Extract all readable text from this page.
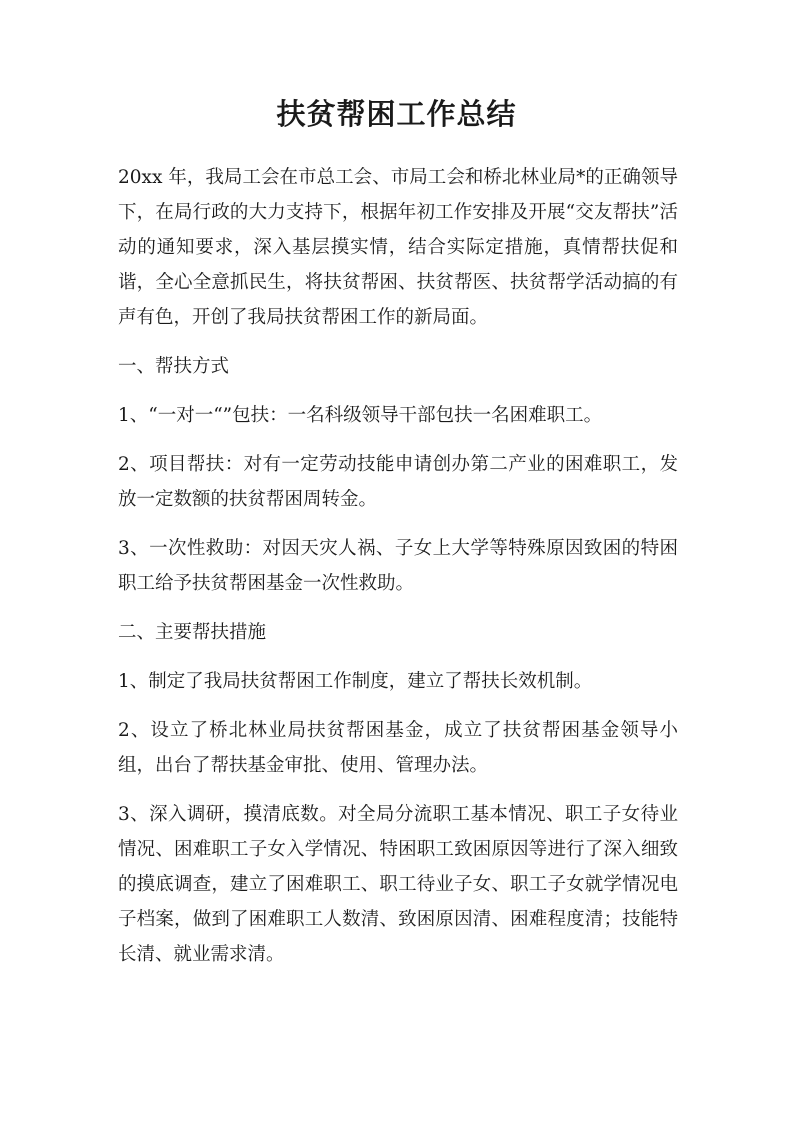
扶贫帮困工作总结

20xx 年，我局工会在市总工会、市局工会和桥北林业局*的正确领导下，在局行政的大力支持下，根据年初工作安排及开展“交友帮扶”活动的通知要求，深入基层摸实情，结合实际定措施，真情帮扶促和谐，全心全意抓民生，将扶贫帮困、扶贫帮医、扶贫帮学活动搞的有声有色，开创了我局扶贫帮困工作的新局面。

一、帮扶方式

1、“一对一“”包扶：一名科级领导干部包扶一名困难职工。

2、项目帮扶：对有一定劳动技能申请创办第二产业的困难职工，发放一定数额的扶贫帮困周转金。

3、一次性救助：对因天灾人祸、子女上大学等特殊原因致困的特困职工给予扶贫帮困基金一次性救助。

二、主要帮扶措施

1、制定了我局扶贫帮困工作制度，建立了帮扶长效机制。

2、设立了桥北林业局扶贫帮困基金，成立了扶贫帮困基金领导小组，出台了帮扶基金审批、使用、管理办法。

3、深入调研，摸清底数。对全局分流职工基本情况、职工子女待业情况、困难职工子女入学情况、特困职工致困原因等进行了深入细致的摸底调查，建立了困难职工、职工待业子女、职工子女就学情况电子档案，做到了困难职工人数清、致困原因清、困难程度清；技能特长清、就业需求清。
